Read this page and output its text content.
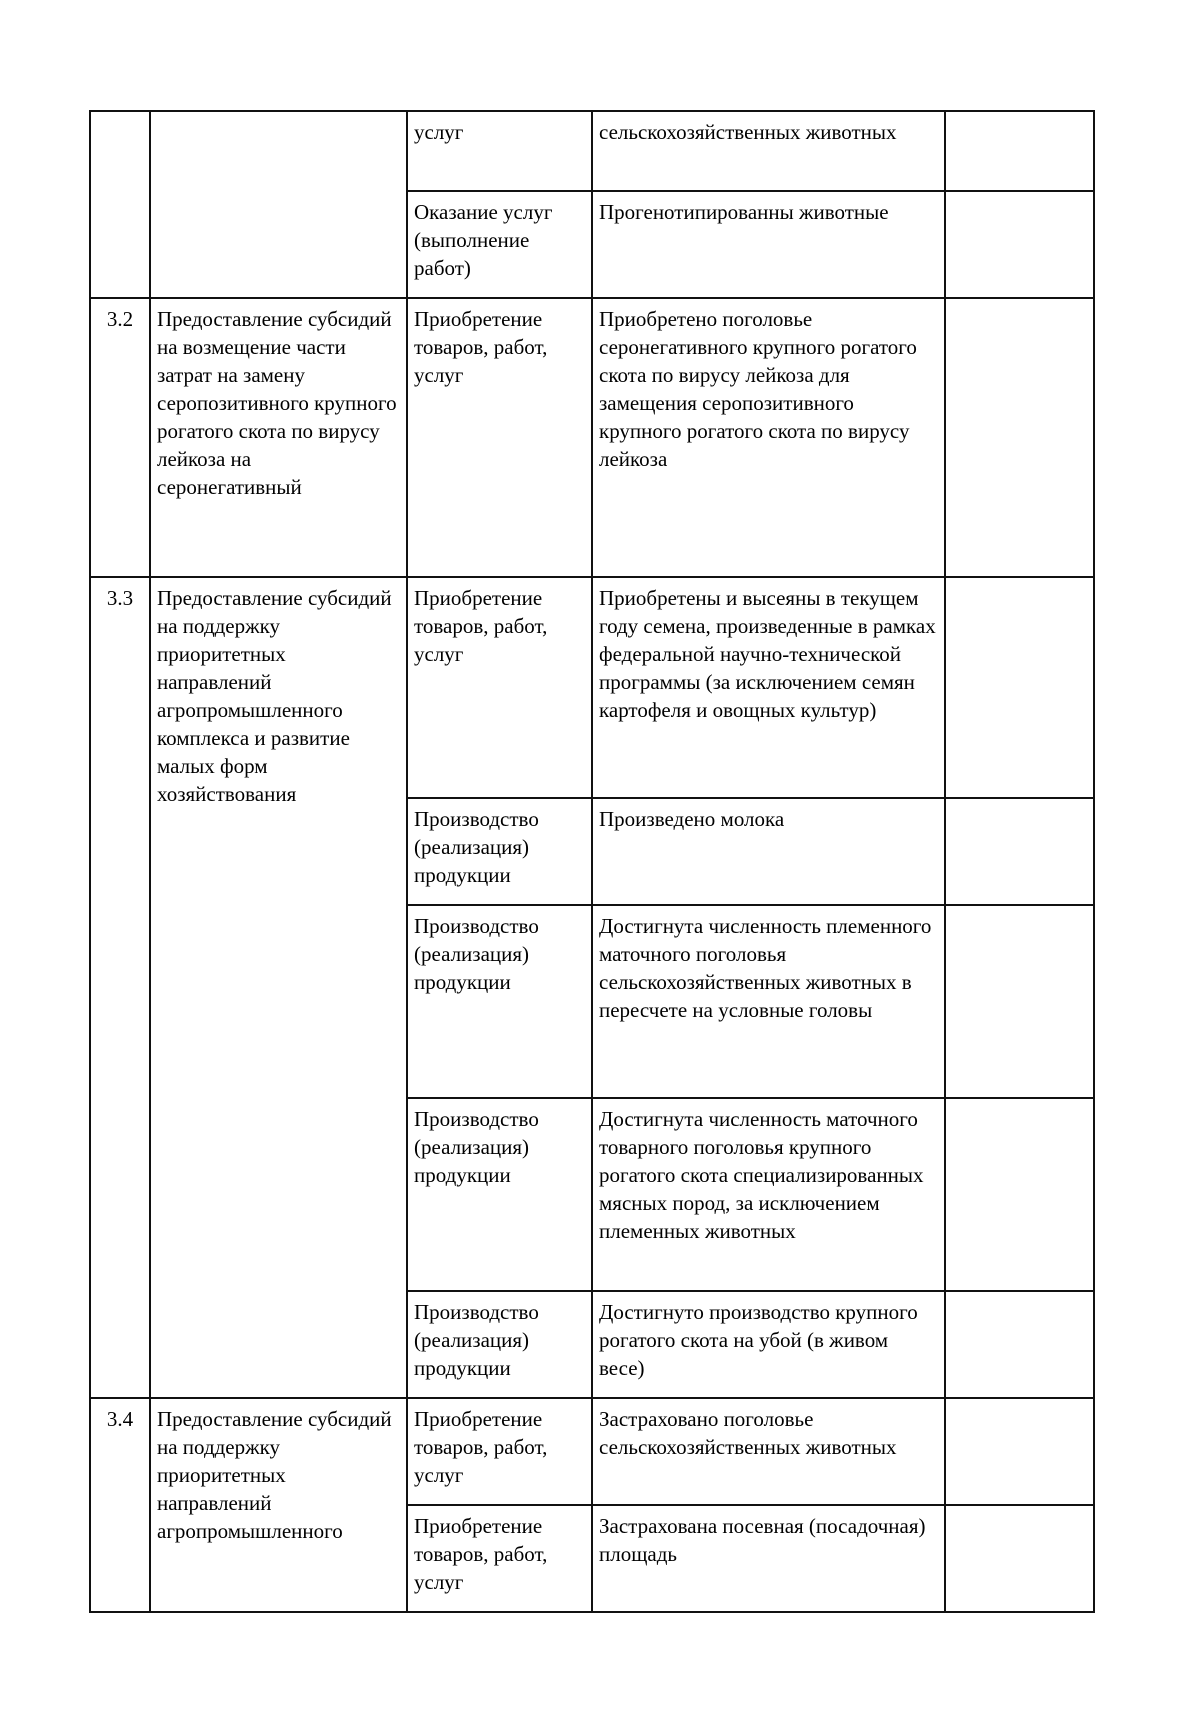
		услуг	сельскохозяйственных животных	
		Оказание услуг (выполнение работ)	Прогенотипированны животные	
3.2	Предоставление субсидий на возмещение части затрат на замену серопозитивного крупного рогатого скота по вирусу лейкоза на серонегативный	Приобретение товаров, работ, услуг	Приобретено поголовье серонегативного крупного рогатого скота по вирусу лейкоза для замещения серопозитивного крупного рогатого скота по вирусу лейкоза	
3.3	Предоставление субсидий на поддержку приоритетных направлений агропромышленного комплекса и развитие малых форм хозяйствования	Приобретение товаров, работ, услуг	Приобретены и высеяны в текущем году семена, произведенные в рамках федеральной научно-технической программы (за исключением семян картофеля и овощных культур)	
		Производство (реализация) продукции	Произведено молока	
		Производство (реализация) продукции	Достигнута численность племенного маточного поголовья сельскохозяйственных животных в пересчете на условные головы	
		Производство (реализация) продукции	Достигнута численность маточного товарного поголовья крупного рогатого скота специализированных мясных пород, за исключением племенных животных	
		Производство (реализация) продукции	Достигнуто производство крупного рогатого скота на убой (в живом весе)	
3.4	Предоставление субсидий на поддержку приоритетных направлений агропромышленного	Приобретение товаров, работ, услуг	Застраховано поголовье сельскохозяйственных животных	
		Приобретение товаров, работ, услуг	Застрахована посевная (посадочная) площадь	
